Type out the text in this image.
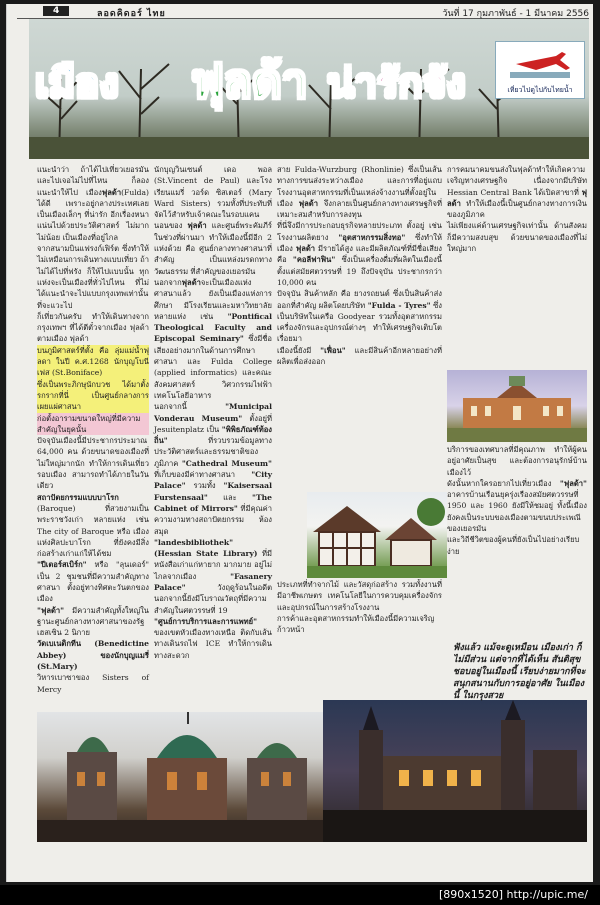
4	ลอดคิดอร์ ไทย	วันที่ 17 กุมภาพันธ์ - 1 มีนาคม 2556
เมือง ฟุลด้า น่ารักจัง	เที่ยวไปดูไปกับไทยน้ำ

แนะนำว่า ถ้าได้ไปเที่ยวเยอรมัน และไปเจอไม่ไปที่ไหน ก็ลองแนะนำให้ไป เมืองฟุลด้า(Fulda) ได้ดี เพราะอยู่กลางประเทศเลย เป็นเมืองเล็กๆ ที่น่ารัก อีกเรื่องหนาแน่นไปด้วยประวัติศาสตร์ ไม่มากไม่น้อย เป็นเมืองที่อยู่ไกล

จากสนามบินแฟรงก์เฟิร์ต ซึ่งทำให้ไม่เหมือนการเดินทางแบบเที่ยว ถ้าไม่ได้ไปที่ฟรัง ก็ให้ไปแบบนั้น ทุกแห่งจะเป็นเมืองที่ทั่วไปไหน ที่ไม่ได้แนะนำจะไปแบบกรุงเทพเท่านั้นที่จะแวะไป

ก็เที่ยวกันครับ ทำให้เดินทางจากกรุงเทพฯ ที่ได้ตีตั๋วจากเมือง ฟุลด้า ตามเมือง ฟุลด้า

บนภูมิศาสตร์ที่ตั้ง คือ ลุ่มแม่น้ำฟุลดา ในปี ค.ศ.1268 นักบุญโบนีเฟส (St.Boniface)

ซึ่งเป็นพระภิกษุนักบวช ได้มาตั้งรกรากที่นี่ เป็นศูนย์กลางการเผยแผ่ศาสนา

ก่อตั้งอารามขนาดใหญ่ที่มีความสำคัญในยุคนั้น

ปัจจุบันเมืองนี้มีประชากรประมาณ 64,000 คน ด้วยขนาดของเมืองที่ไม่ใหญ่มากนัก ทำให้การเดินเที่ยวรอบเมือง สามารถทำได้ภายในวันเดียว

สถาปัตยกรรมแบบบาโรก (Baroque) ที่สวยงามเป็นพระราชวังเก่า หลายแห่ง เช่น The city of Baroque หรือ เมืองแห่งศิลปะบาโรก ที่ยังคงมีสิ่งก่อสร้างเก่าแก่ให้ได้ชม

"ปีเตอร์สเบิร์ก" หรือ "ลุนเดอร์" เป็น 2 ชุมชนที่มีความสำคัญทางศาสนา ตั้งอยู่ทางทิศตะวันตกของเมือง

"ฟุลด้า" มีความสำคัญทั้งใหญ่ในฐานะศูนย์กลางทางศาสนาของรัฐเฮสเซิน 2 นิกาย

วัดเบเนดิกทีน (Benedictine Abbey) ของนักบุญแมรี่ (St.Mary)

วิหารเบาซาของ Sisters of Mercy

นักบุญวินเซนต์ เดอ พอล (St.Vincent de Paul) และโรงเรียนแมรี่ วอร์ด ซิสเตอร์ (Mary Ward Sisters) รวมทั้งที่ประทับที่จัดไว้สำหรับเจ้าคณะในรอบแคนนอนของ ฟุลด้า และศูนย์พระคัมภีร์ในช่วงที่ผ่านมา ทำให้เมืองนี้มีอีก 2 แห่งด้วย คือ ศูนย์กลางทางศาสนาที่สำคัญ เป็นแหล่งมรดกทางวัฒนธรรม ที่สำคัญของเยอรมัน

นอกจากฟุลด้าจะเป็นเมืองแห่งศาสนาแล้ว ยังเป็นเมืองแห่งการศึกษา มีโรงเรียนและมหาวิทยาลัยหลายแห่ง เช่น "Pontifical Theological Faculty and Episcopal Seminary" ซึ่งมีชื่อเสียงอย่างมากในด้านการศึกษาศาสนา และ Fulda College (applied informatics) และคณะสังคมศาสตร์ วิศวกรรมไฟฟ้า เทคโนโลยีอาหาร

นอกจากนี้	"Municipal Vonderau Museum" ตั้งอยู่ที่ Jesuitenplatz เป็น "พิพิธภัณฑ์ท้องถิ่น"	ที่รวบรวมข้อมูลทางประวัติศาสตร์และธรรมชาติของภูมิภาค "Cathedral Museum" ที่เก็บของมีค่าทางศาสนา "City Palace" รวมทั้ง "Kaisersaal Furstensaal" และ "The Cabinet of Mirrors" ที่มีคุณค่าความงามทางสถาปัตยกรรม ห้องสมุด

"landesbibliothek" (Hessian State Library) ที่มีหนังสือเก่าแก่หายาก มากมาย อยู่ไม่ไกลจากเมือง	"Fasanery Palace"	วังฤดูร้อนในอดีต นอกจากนี้ยังมีโบราณวัตถุที่มีความสำคัญในศตวรรษที่ 19

"ศูนย์การบริการและการแพทย์" ของเขตหัวเมืองทางเหนือ ติดกับเส้นทางเดินรถไฟ ICE ทำให้การเดินทางสะดวก

สาย Fulda-Wurzburg (Rhonlinie) ซึ่งเป็นเส้นทางการขนส่งระหว่างเมือง และการที่อยู่แถบโรงงานอุตสาหกรรมที่เป็นแหล่งจ้างงานที่ตั้งอยู่ในเมือง ฟุลด้า จึงกลายเป็นศูนย์กลางทางเศรษฐกิจที่เหมาะสมสำหรับการลงทุน

ที่นี่จึงมีการประกอบธุรกิจหลายประเภท ตั้งอยู่ เช่น โรงงานผลิตยาง "อุตสาหกรรมสิ่งทอ" ซึ่งทำให้เมือง ฟุลด้า มีรายได้สูง และมีผลิตภัณฑ์ที่มีชื่อเสียง คือ "คอลีฟาฟิน" ซึ่งเป็นเครื่องดื่มที่ผลิตในเมืองนี้ ตั้งแต่สมัยศตวรรษที่ 19 ถึงปัจจุบัน ประชากรกว่า 10,000 คน

ปัจจุบัน สินค้าหลัก คือ ยางรถยนต์ ซึ่งเป็นสินค้าส่งออกที่สำคัญ ผลิตโดยบริษัท "Fulda - Tyres" ซึ่งเป็นบริษัทในเครือ Goodyear รวมทั้งอุตสาหกรรมเครื่องจักรและอุปกรณ์ต่างๆ ทำให้เศรษฐกิจเติบโต เรื่อยมา

เมืองนี้ยังมี "เฟื่อน" และมีสินค้าอีกหลายอย่างที่ผลิตเพื่อส่งออก

ประเภทที่ทำจากไม้ และวัสดุก่อสร้าง รวมทั้งงานที่มีอาชีพเกษตร เทคโนโลยีในการควบคุมเครื่องจักรและอุปกรณ์ในการสร้างโรงงาน

การค้าและอุตสาหกรรมทำให้เมืองนี้มีความเจริญก้าวหน้า

การคมนาคมขนส่งในฟุลด้าทำให้เกิดความเจริญทางเศรษฐกิจ เนื่องจากมีบริษัท Hessian Central Bank ได้เปิดสาขาที่ ฟุลด้า ทำให้เมืองนี้เป็นศูนย์กลางทางการเงินของภูมิภาค

ไม่เพียงแค่ด้านเศรษฐกิจเท่านั้น ด้านสังคมก็มีความสงบสุข ด้วยขนาดของเมืองที่ไม่ใหญ่มาก

บริการของเทศบาลที่มีคุณภาพ ทำให้ผู้คนอยู่อาศัยเป็นสุข และต้องการอนุรักษ์บ้านเมืองไว้

ดังนั้นหากใครอยากไปเที่ยวเมือง "ฟุลด้า" อาคารบ้านเรือนยุครุ่งเรืองสมัยศตวรรษที่ 1950 และ 1960 ยังมีให้ชมอยู่ ทั้งนี้เมืองยังคงเป็นระบบของเมืองตามขนบประเพณีของเยอรมัน

และวิถีชีวิตของผู้คนที่ยังเป็นไปอย่างเรียบง่าย

ฟังแล้ว แม้จะดูเหมือน เมืองเก่า ก็ไม่มีส่วน แต่จากที่ได้เห็น สันติสุข ชอบอยู่ในเมืองนี้ เรียบง่ายมากที่จะ สนุกสนานกับการอยู่อาศัย ในเมืองนี้ ในกรุงสวย
[890x1520] http://upic.me/
